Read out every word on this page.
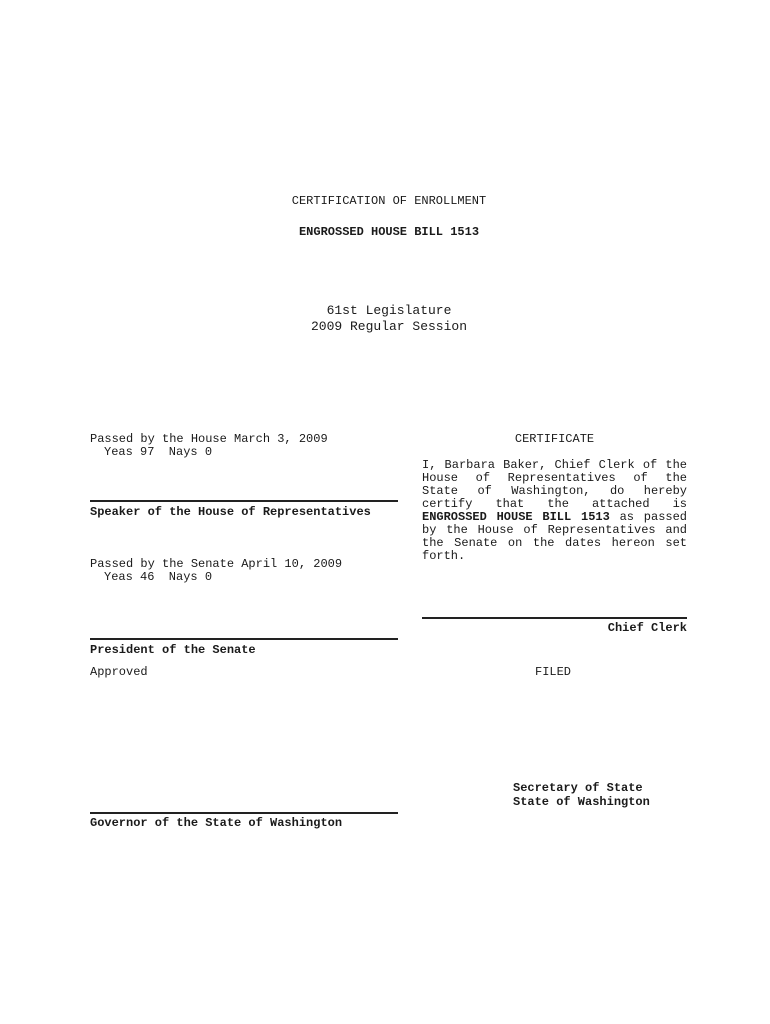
CERTIFICATION OF ENROLLMENT
ENGROSSED HOUSE BILL 1513
61st Legislature
2009 Regular Session
Passed by the House March 3, 2009
Yeas 97  Nays 0
Speaker of the House of Representatives
Passed by the Senate April 10, 2009
Yeas 46  Nays 0
President of the Senate
Approved
Governor of the State of Washington
CERTIFICATE
I, Barbara Baker, Chief Clerk of the House of Representatives of the State of Washington, do hereby certify that the attached is ENGROSSED HOUSE BILL 1513 as passed by the House of Representatives and the Senate on the dates hereon set forth.
Chief Clerk
FILED
Secretary of State
State of Washington
